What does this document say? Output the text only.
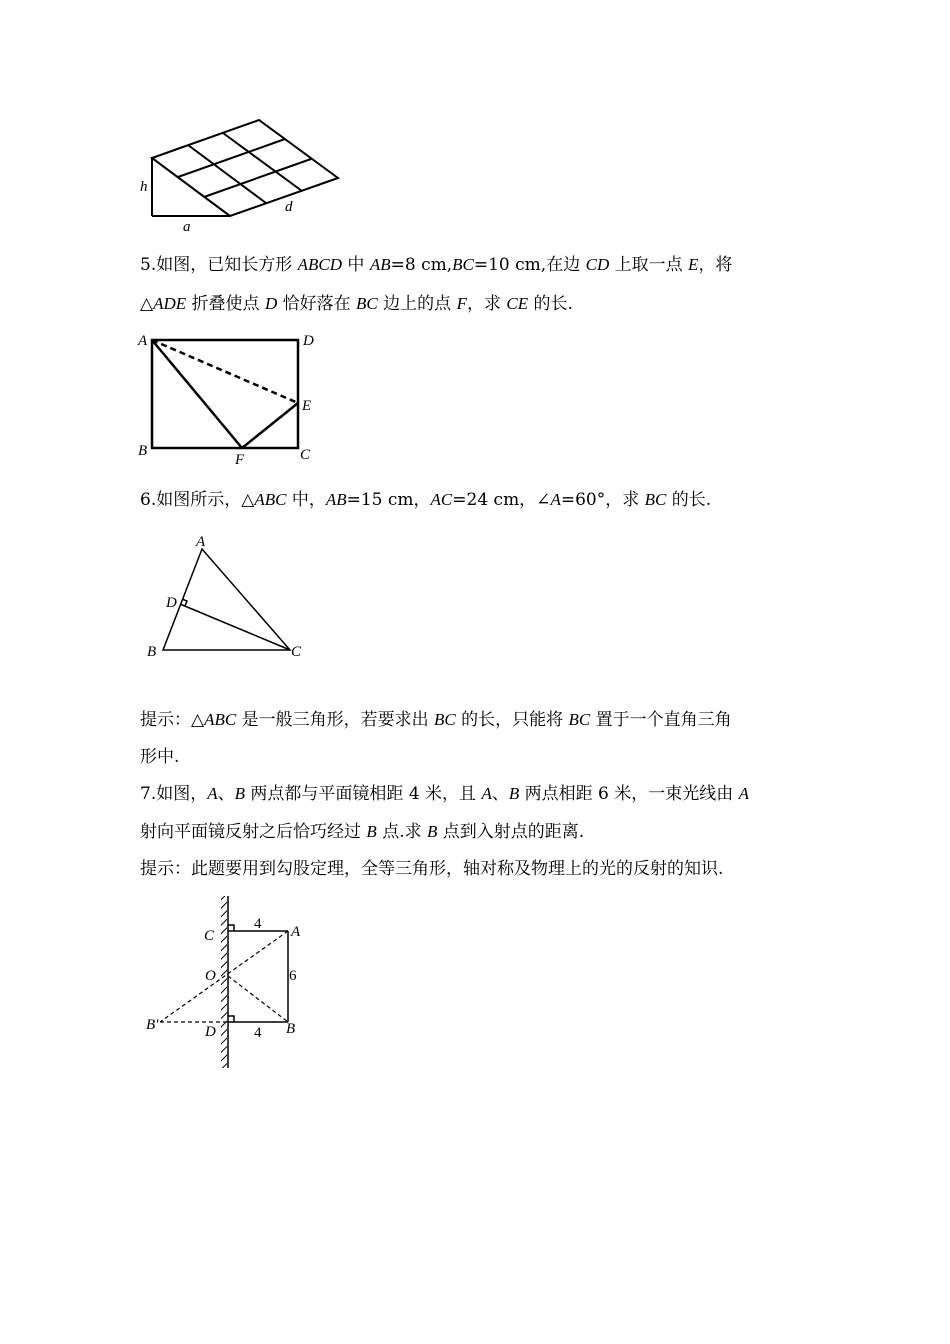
h
a
d

5.如图，已知长方形 ABCD 中 AB=8 cm,BC=10 cm,在边 CD 上取一点 E，将

△ADE 折叠使点 D 恰好落在 BC 边上的点 F，求 CE 的长.

A	D
E
B
F	C

6.如图所示，△ABC 中，AB=15 cm，AC=24 cm，∠A=60°，求 BC 的长.

A
D
B	C

提示：△ABC 是一般三角形，若要求出 BC 的长，只能将 BC 置于一个直角三角

形中.

7.如图，A、B 两点都与平面镜相距 4 米，且 A、B 两点相距 6 米，一束光线由 A

射向平面镜反射之后恰巧经过 B 点.求 B 点到入射点的距离.

提示：此题要用到勾股定理，全等三角形，轴对称及物理上的光的反射的知识.

C	A
O
B'	D	B
4
6
4
